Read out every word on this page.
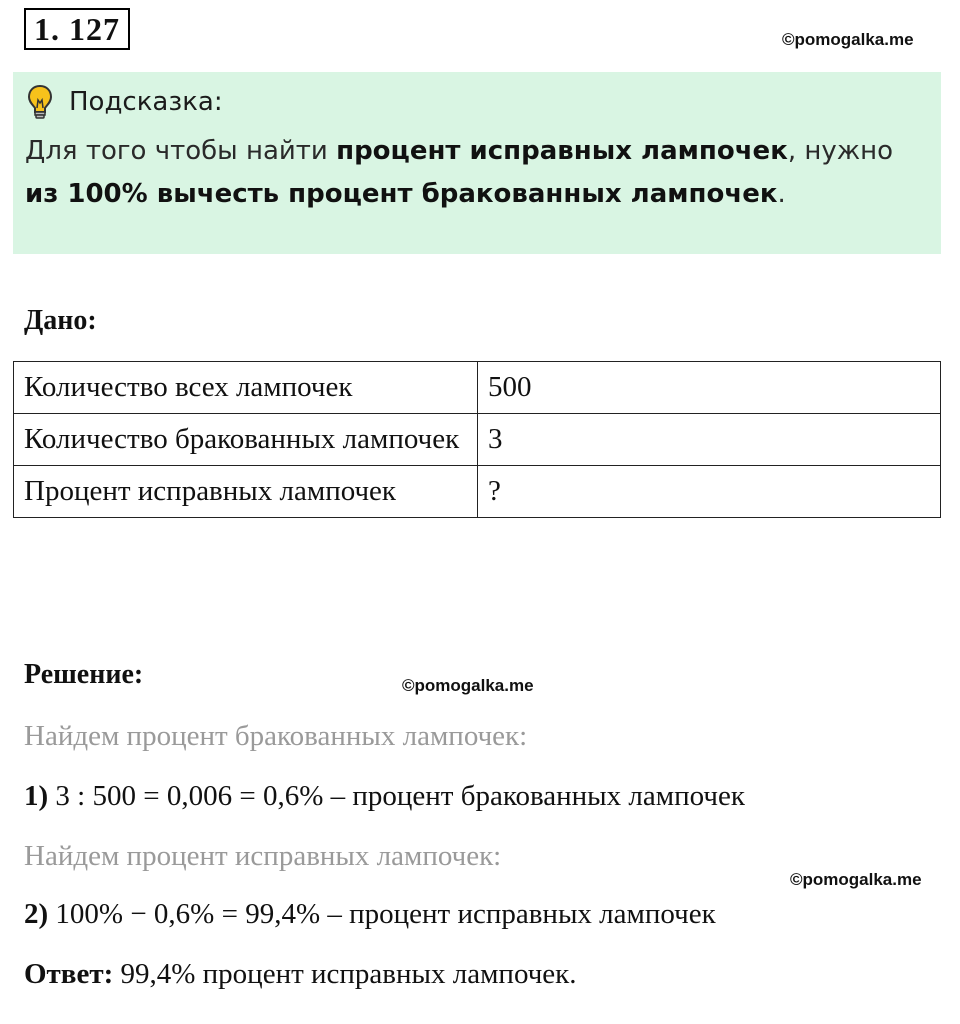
1. 127	©pomogalka.me
Подсказка:
Для того чтобы найти процент исправных лампочек, нужно из 100% вычесть процент бракованных лампочек.
Дано:
Количество всех лампочек	500
Количество бракованных лампочек	3
Процент исправных лампочек	?
Решение:	©pomogalka.me
Найдем процент бракованных лампочек:
1) 3 : 500 = 0,006 = 0,6% – процент бракованных лампочек
Найдем процент исправных лампочек:
©pomogalka.me
2) 100% − 0,6% = 99,4% – процент исправных лампочек
Ответ: 99,4% процент исправных лампочек.
